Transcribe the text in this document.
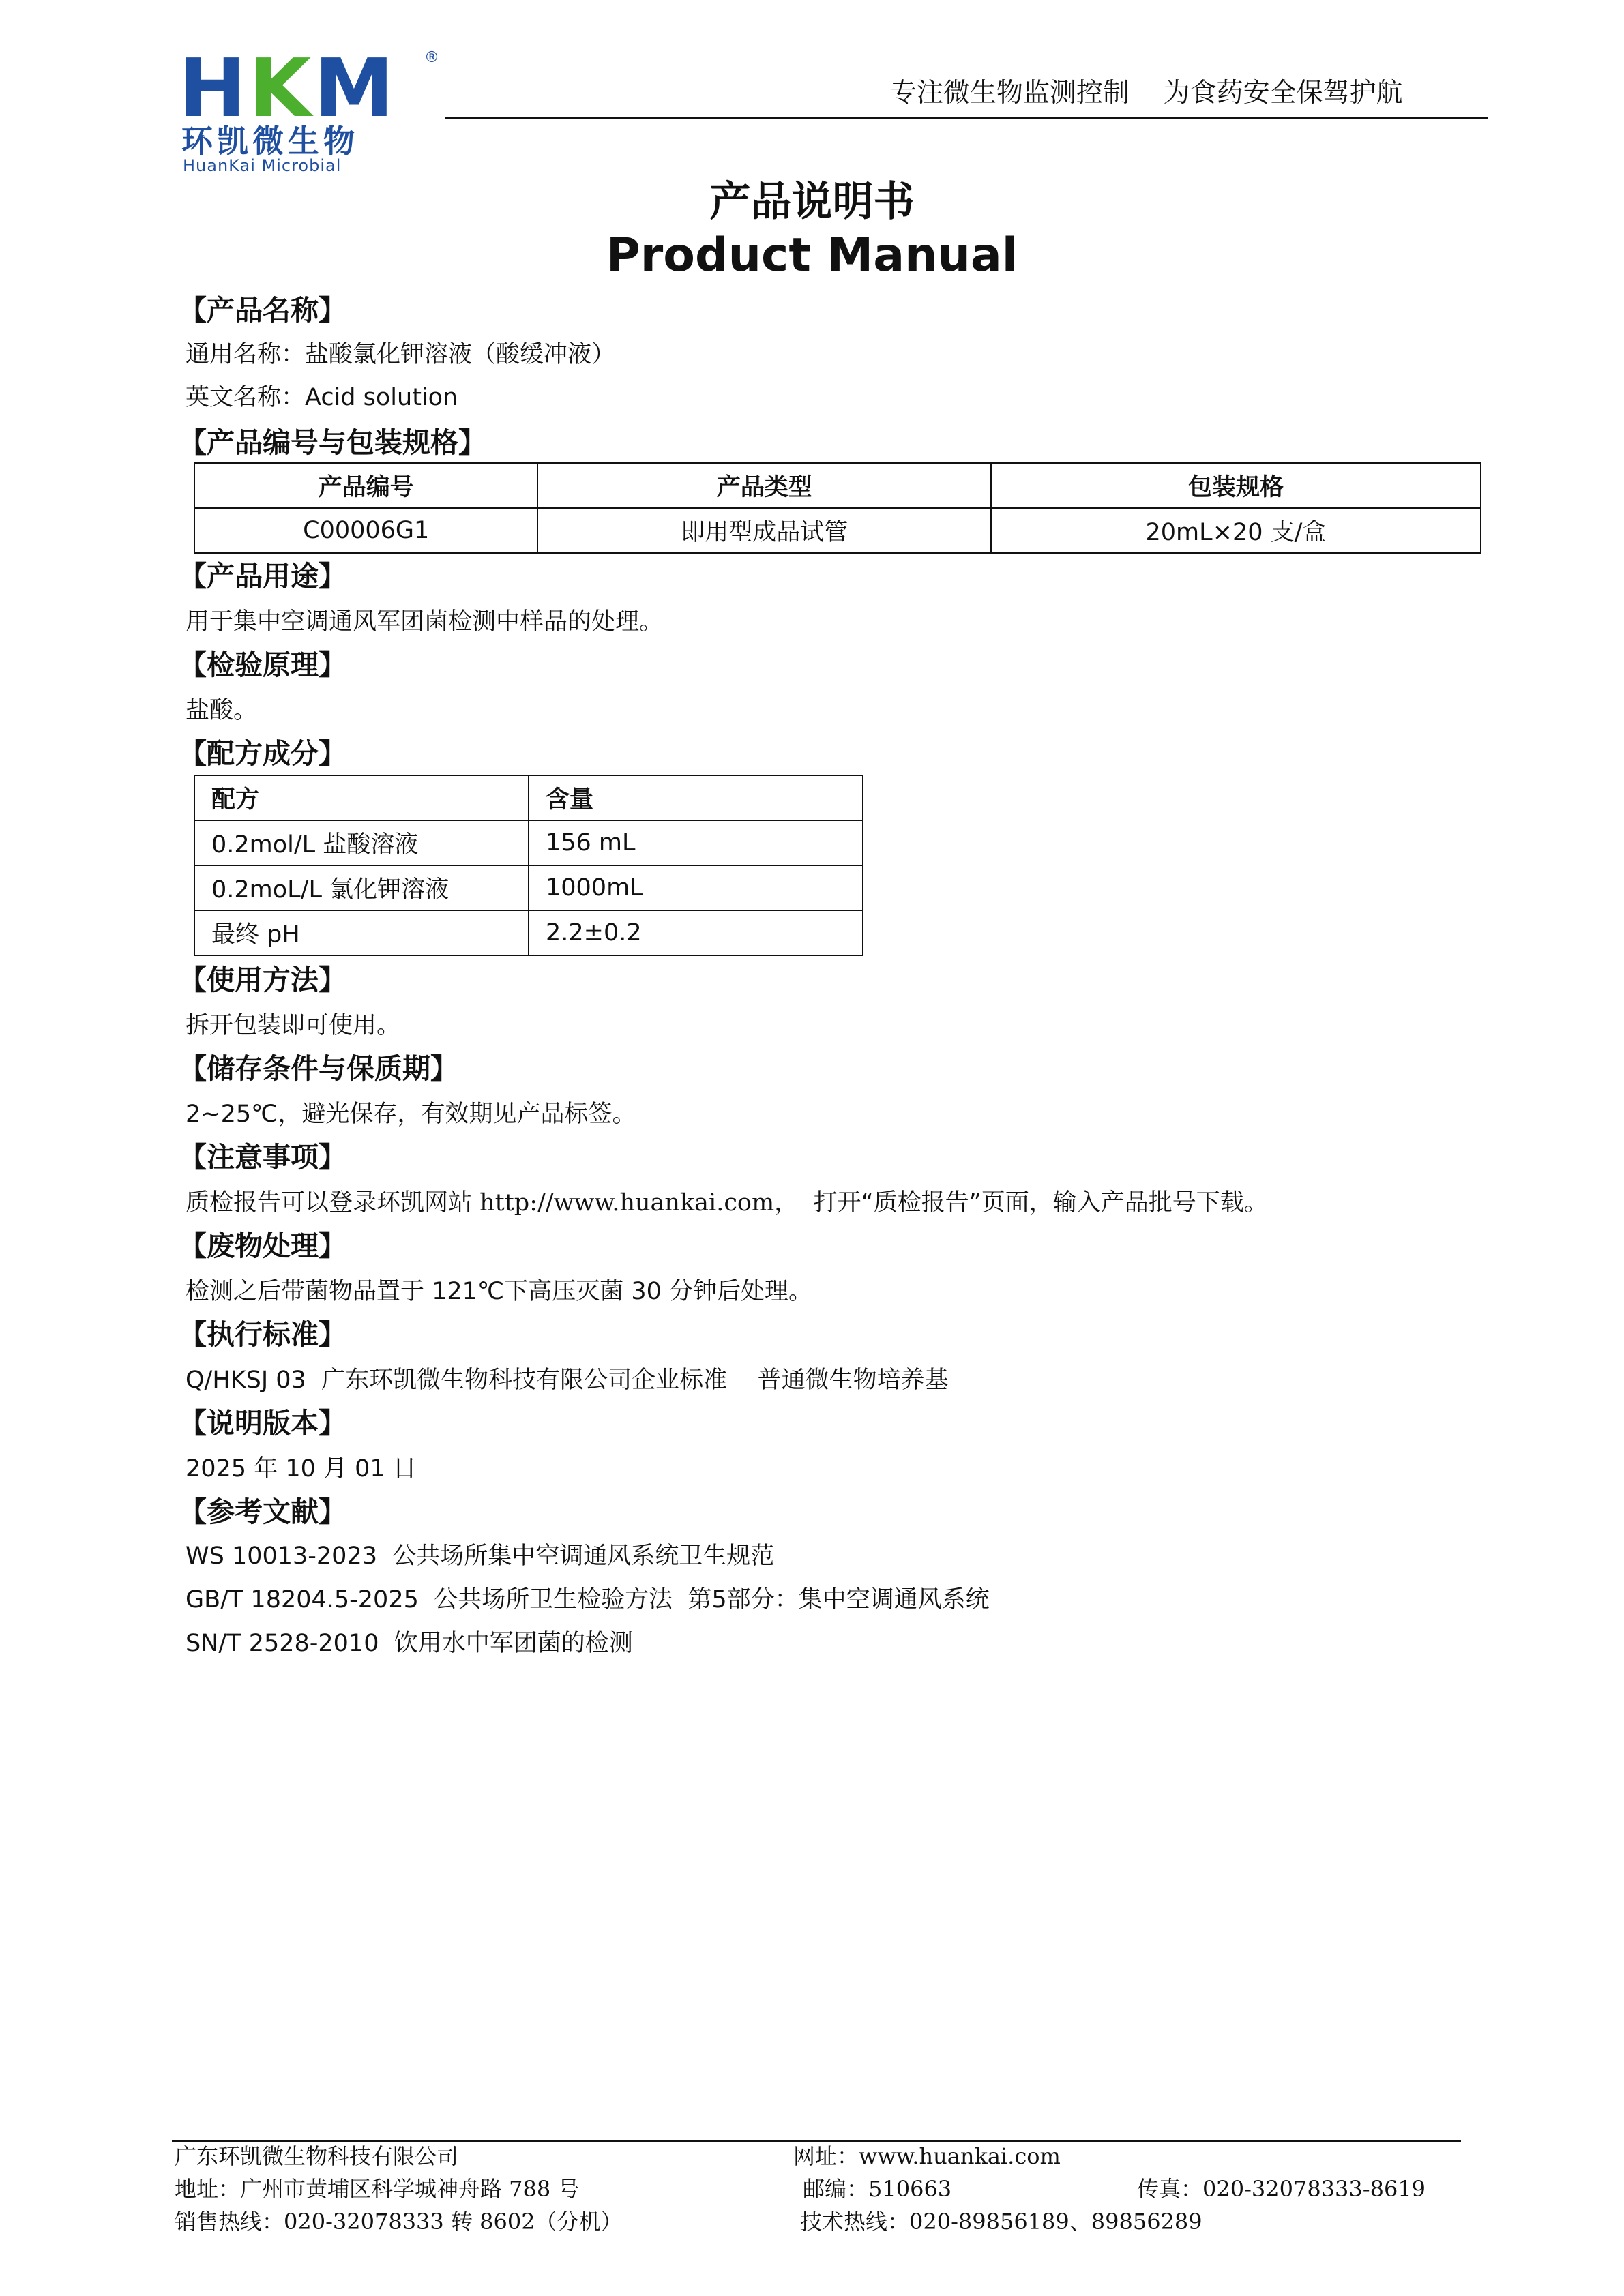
HKM ®
环凯微生物
HuanKai Microbial
专注微生物监测控制    为食药安全保驾护航
产品说明书
Product Manual
【产品名称】
通用名称：盐酸氯化钾溶液（酸缓冲液）
英文名称：Acid solution
【产品编号与包装规格】
产品编号	产品类型	包装规格
C00006G1	即用型成品试管	20mL×20 支/盒
【产品用途】
用于集中空调通风军团菌检测中样品的处理。
【检验原理】
盐酸。
【配方成分】
配方	含量
0.2mol/L 盐酸溶液	156 mL
0.2moL/L 氯化钾溶液	1000mL
最终 pH	2.2±0.2
【使用方法】
拆开包装即可使用。
【储存条件与保质期】
2~25℃，避光保存，有效期见产品标签。
【注意事项】
质检报告可以登录环凯网站 http://www.huankai.com，  打开“质检报告”页面，输入产品批号下载。
【废物处理】
检测之后带菌物品置于 121℃下高压灭菌 30 分钟后处理。
【执行标准】
Q/HKSJ 03  广东环凯微生物科技有限公司企业标准    普通微生物培养基
【说明版本】
2025 年 10 月 01 日
【参考文献】
WS 10013-2023  公共场所集中空调通风系统卫生规范
GB/T 18204.5-2025  公共场所卫生检验方法  第5部分：集中空调通风系统
SN/T 2528-2010  饮用水中军团菌的检测
广东环凯微生物科技有限公司	网址：www.huankai.com
地址：广州市黄埔区科学城神舟路 788 号	邮编：510663	传真：020-32078333-8619
销售热线：020-32078333 转 8602（分机）	技术热线：020-89856189、89856289
